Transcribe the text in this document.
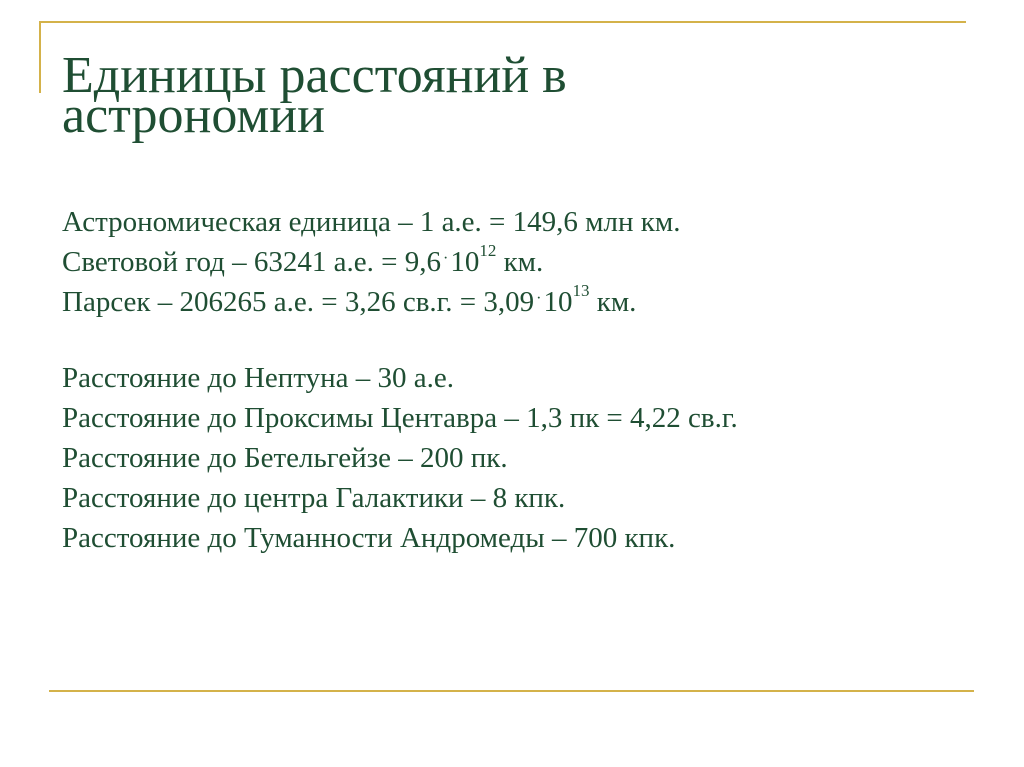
Единицы расстояний в
астрономии
Астрономическая единица – 1 а.е. = 149,6 млн км.
Световой год – 63241 а.е. = 9,6 $^\cdot 10^{12}$ км.
Парсек – 206265 а.е. = 3,26 св.г. = 3,09 $^\cdot 10^{13}$ км.
Расстояние до Нептуна – 30 а.е.
Расстояние до Проксимы Центавра – 1,3 пк = 4,22 св.г.
Расстояние до Бетельгейзе – 200 пк.
Расстояние до центра Галактики – 8 кпк.
Расстояние до Туманности Андромеды – 700 кпк.
